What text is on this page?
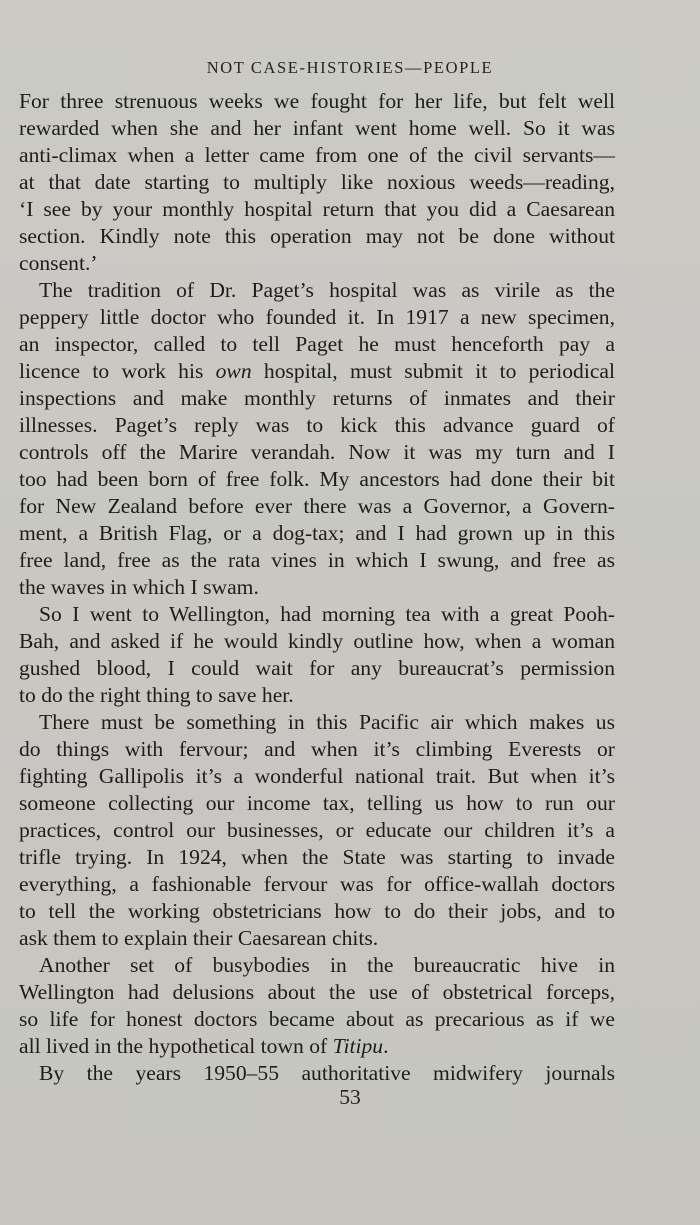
NOT CASE-HISTORIES—PEOPLE
For three strenuous weeks we fought for her life, but felt well
rewarded when she and her infant went home well. So it was
anti-climax when a letter came from one of the civil servants—
at that date starting to multiply like noxious weeds—reading,
‘I see by your monthly hospital return that you did a Caesarean
section. Kindly note this operation may not be done without
consent.’
The tradition of Dr. Paget’s hospital was as virile as the
peppery little doctor who founded it. In 1917 a new specimen,
an inspector, called to tell Paget he must henceforth pay a
licence to work his own hospital, must submit it to periodical
inspections and make monthly returns of inmates and their
illnesses. Paget’s reply was to kick this advance guard of
controls off the Marire verandah. Now it was my turn and I
too had been born of free folk. My ancestors had done their bit
for New Zealand before ever there was a Governor, a Govern-
ment, a British Flag, or a dog-tax; and I had grown up in this
free land, free as the rata vines in which I swung, and free as
the waves in which I swam.
So I went to Wellington, had morning tea with a great Pooh-
Bah, and asked if he would kindly outline how, when a woman
gushed blood, I could wait for any bureaucrat’s permission
to do the right thing to save her.
There must be something in this Pacific air which makes us
do things with fervour; and when it’s climbing Everests or
fighting Gallipolis it’s a wonderful national trait. But when it’s
someone collecting our income tax, telling us how to run our
practices, control our businesses, or educate our children it’s a
trifle trying. In 1924, when the State was starting to invade
everything, a fashionable fervour was for office-wallah doctors
to tell the working obstetricians how to do their jobs, and to
ask them to explain their Caesarean chits.
Another set of busybodies in the bureaucratic hive in
Wellington had delusions about the use of obstetrical forceps,
so life for honest doctors became about as precarious as if we
all lived in the hypothetical town of Titipu.
By the years 1950–55 authoritative midwifery journals
53
